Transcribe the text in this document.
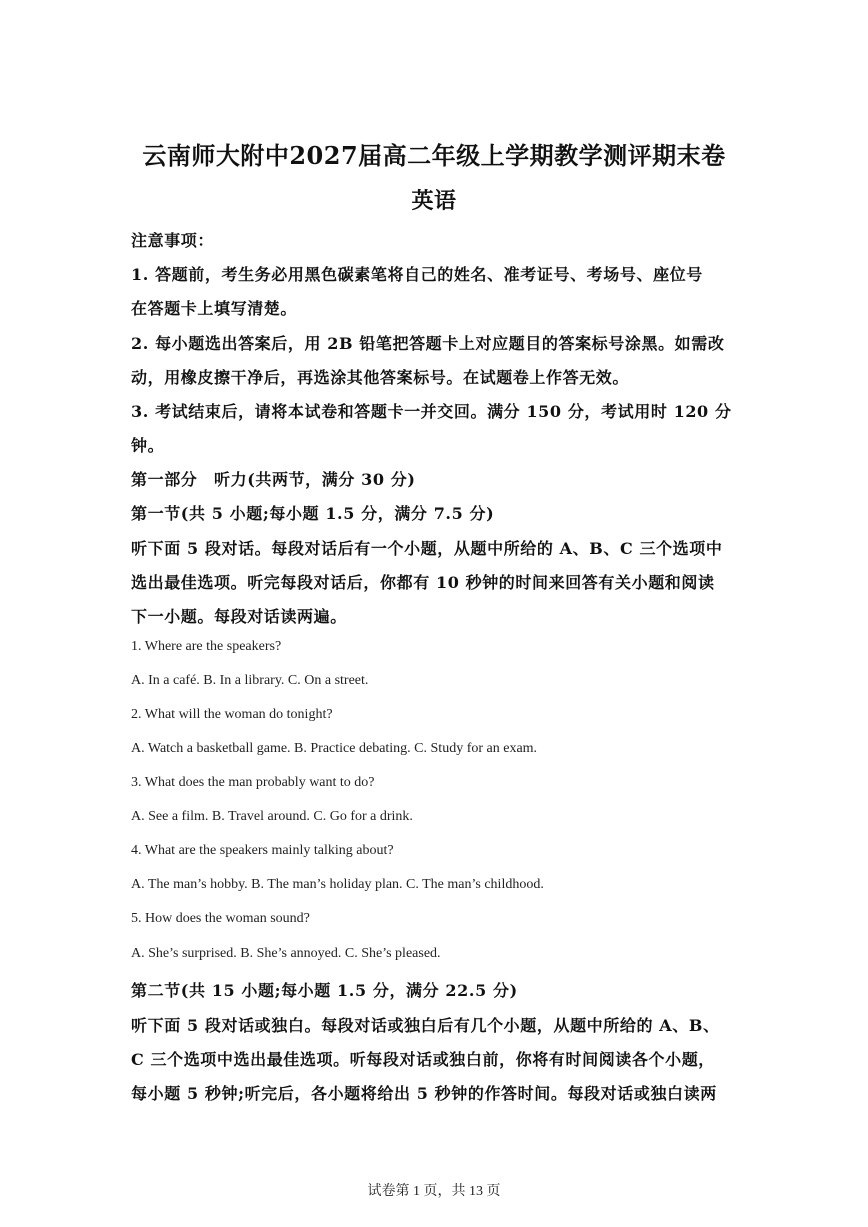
云南师大附中2027届高二年级上学期教学测评期末卷
英语
注意事项：
1. 答题前，考生务必用黑色碳素笔将自己的姓名、准考证号、考场号、座位号
在答题卡上填写清楚。
2. 每小题选出答案后，用 2B 铅笔把答题卡上对应题目的答案标号涂黑。如需改
动，用橡皮擦干净后，再选涂其他答案标号。在试题卷上作答无效。
3. 考试结束后，请将本试卷和答题卡一并交回。满分 150 分，考试用时 120 分
钟。
第一部分　听力(共两节，满分 30 分)
第一节(共 5 小题;每小题 1.5 分，满分 7.5 分)
听下面 5 段对话。每段对话后有一个小题，从题中所给的 A、B、C 三个选项中
选出最佳选项。听完每段对话后，你都有 10 秒钟的时间来回答有关小题和阅读
下一小题。每段对话读两遍。
1. Where are the speakers?
A. In a café. B. In a library. C. On a street.
2. What will the woman do tonight?
A. Watch a basketball game. B. Practice debating. C. Study for an exam.
3. What does the man probably want to do?
A. See a film. B. Travel around. C. Go for a drink.
4. What are the speakers mainly talking about?
A. The man’s hobby. B. The man’s holiday plan. C. The man’s childhood.
5. How does the woman sound?
A. She’s surprised. B. She’s annoyed. C. She’s pleased.
第二节(共 15 小题;每小题 1.5 分，满分 22.5 分)
听下面 5 段对话或独白。每段对话或独白后有几个小题，从题中所给的 A、B、
C 三个选项中选出最佳选项。听每段对话或独白前，你将有时间阅读各个小题，
每小题 5 秒钟;听完后，各小题将给出 5 秒钟的作答时间。每段对话或独白读两
试卷第 1 页，共 13 页
